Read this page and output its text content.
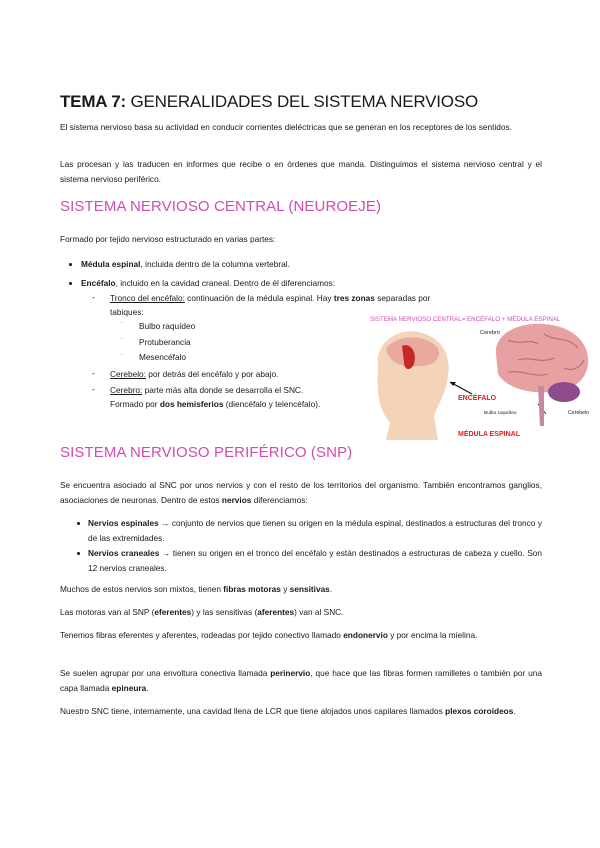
TEMA 7: GENERALIDADES DEL SISTEMA NERVIOSO
El sistema nervioso basa su actividad en conducir corrientes dieléctricas que se generan en los receptores de los sentidos.
Las procesan y las traducen en informes que recibe o en órdenes que manda. Distinguimos el sistema nervioso central y el sistema nervioso periférico.
SISTEMA NERVIOSO CENTRAL (NEUROEJE)
Formado por tejido nervioso estructurado en varias partes:
Médula espinal, incluida dentro de la columna vertebral.
Encéfalo, incluido en la cavidad craneal. Dentro de él diferenciamos:
- Tronco del encéfalo: continuación de la médula espinal. Hay tres zonas separadas por
tabiques:
· Bulbo raquídeo
· Protuberancia
· Mesencéfalo
- Cerebelo: por detrás del encéfalo y por abajo.
- Cerebro: parte más alta donde se desarrolla el SNC.
Formado por dos hemisferios (diencéfalo y telencéfalo).
SISTEMA NERVIOSO PERIFÉRICO (SNP)
Se encuentra asociado al SNC por unos nervios y con el resto de los territorios del organismo. También encontramos ganglios, asociaciones de neuronas. Dentro de estos nervios diferenciamos:
Nervios espinales → conjunto de nervios que tienen su origen en la médula espinal, destinados a estructuras del tronco y de las extremidades.
Nervios craneales → tienen su origen en el tronco del encéfalo y están destinados a estructuras de cabeza y cuello. Son 12 nervios craneales.
Muchos de estos nervios son mixtos, tienen fibras motoras y sensitivas.
Las motoras van al SNP (eferentes) y las sensitivas (aferentes) van al SNC.
Tenemos fibras eferentes y aferentes, rodeadas por tejido conectivo llamado endonervio y por encima la mielina.
Se suelen agrupar por una envoltura conectiva llamada perinervio, que hace que las fibras formen ramilletes o también por una capa llamada epineura.
Nuestro SNC tiene, internamente, una cavidad llena de LCR que tiene alojados unos capilares llamados plexos coroideos.
SISTEMA NERVIOSO CENTRAL= ENCÉFALO + MÉDULA ESPINAL
Cerebro
ENCÉFALO
Bulbo raquídeo	Cerebelo
MÉDULA ESPINAL
